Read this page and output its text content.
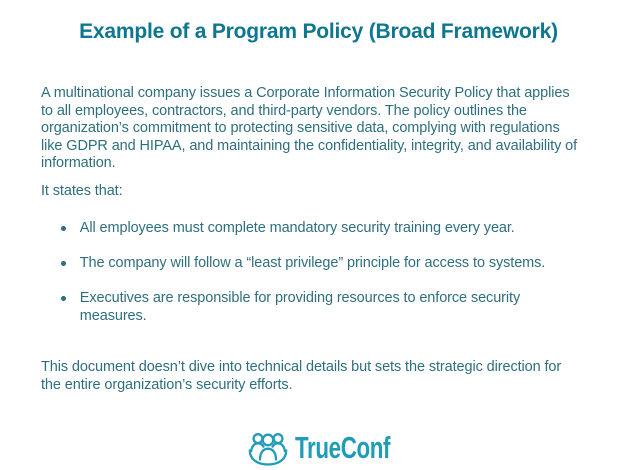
Example of a Program Policy (Broad Framework)
A multinational company issues a Corporate Information Security Policy that applies
to all employees, contractors, and third-party vendors. The policy outlines the
organization’s commitment to protecting sensitive data, complying with regulations
like GDPR and HIPAA, and maintaining the confidentiality, integrity, and availability of
information.
It states that:
All employees must complete mandatory security training every year.
The company will follow a “least privilege” principle for access to systems.
Executives are responsible for providing resources to enforce security
measures.
This document doesn’t dive into technical details but sets the strategic direction for
the entire organization’s security efforts.
TrueConf
